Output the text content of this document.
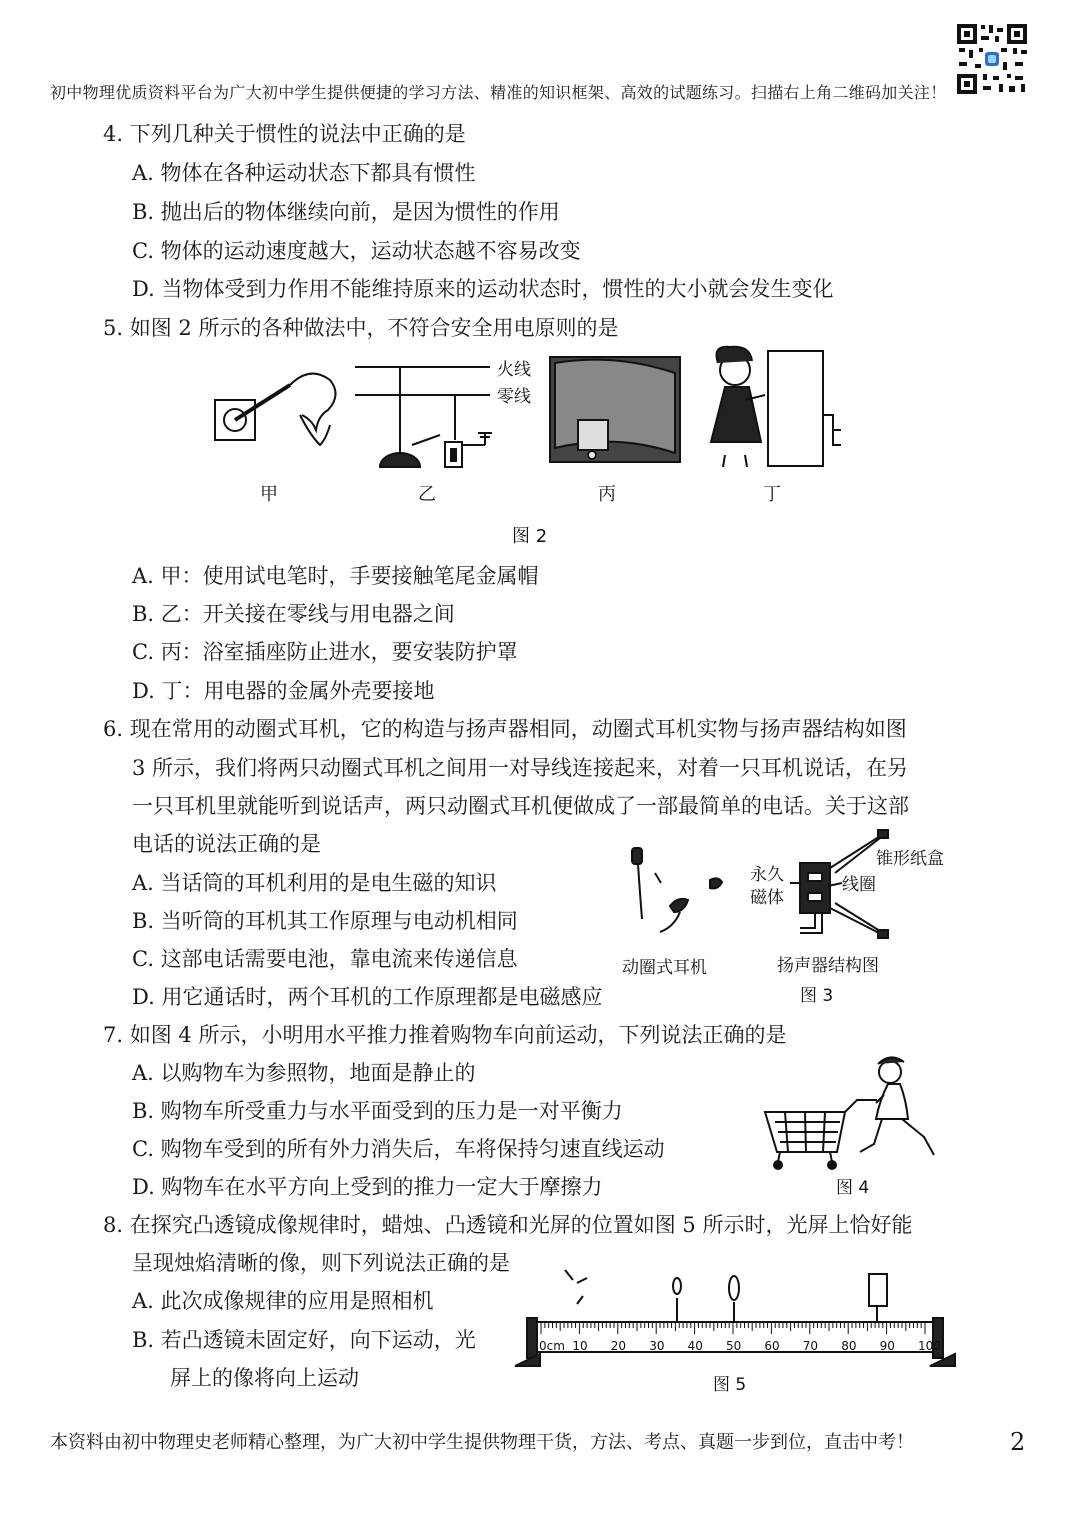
初中物理优质资料平台为广大初中学生提供便捷的学习方法、精准的知识框架、高效的试题练习。扫描右上角二维码加关注！
4. 下列几种关于惯性的说法中正确的是
A. 物体在各种运动状态下都具有惯性
B. 抛出后的物体继续向前，是因为惯性的作用
C. 物体的运动速度越大，运动状态越不容易改变
D. 当物体受到力作用不能维持原来的运动状态时，惯性的大小就会发生变化
5. 如图 2 所示的各种做法中，不符合安全用电原则的是
甲
火线
零线
乙	丙	丁
图 2
A. 甲：使用试电笔时，手要接触笔尾金属帽
B. 乙：开关接在零线与用电器之间
C. 丙：浴室插座防止进水，要安装防护罩
D. 丁：用电器的金属外壳要接地
6. 现在常用的动圈式耳机，它的构造与扬声器相同，动圈式耳机实物与扬声器结构如图
3 所示，我们将两只动圈式耳机之间用一对导线连接起来，对着一只耳机说话，在另
一只耳机里就能听到说话声，两只动圈式耳机便做成了一部最简单的电话。关于这部
电话的说法正确的是
A. 当话筒的耳机利用的是电生磁的知识
B. 当听筒的耳机其工作原理与电动机相同
C. 这部电话需要电池，靠电流来传递信息
D. 用它通话时，两个耳机的工作原理都是电磁感应
动圈式耳机
锥形纸盒
永久
磁体
线圈
扬声器结构图
图 3
7. 如图 4 所示，小明用水平推力推着购物车向前运动，下列说法正确的是
A. 以购物车为参照物，地面是静止的
B. 购物车所受重力与水平面受到的压力是一对平衡力
C. 购物车受到的所有外力消失后，车将保持匀速直线运动
D. 购物车在水平方向上受到的推力一定大于摩擦力	图 4
8. 在探究凸透镜成像规律时，蜡烛、凸透镜和光屏的位置如图 5 所示时，光屏上恰好能
呈现烛焰清晰的像，则下列说法正确的是
A. 此次成像规律的应用是照相机
B. 若凸透镜未固定好，向下运动，光
屏上的像将向上运动
0cm 10 20 30 40 50 60 70 80 90 100
图 5
本资料由初中物理史老师精心整理，为广大初中学生提供物理干货，方法、考点、真题一步到位，直击中考！	2
